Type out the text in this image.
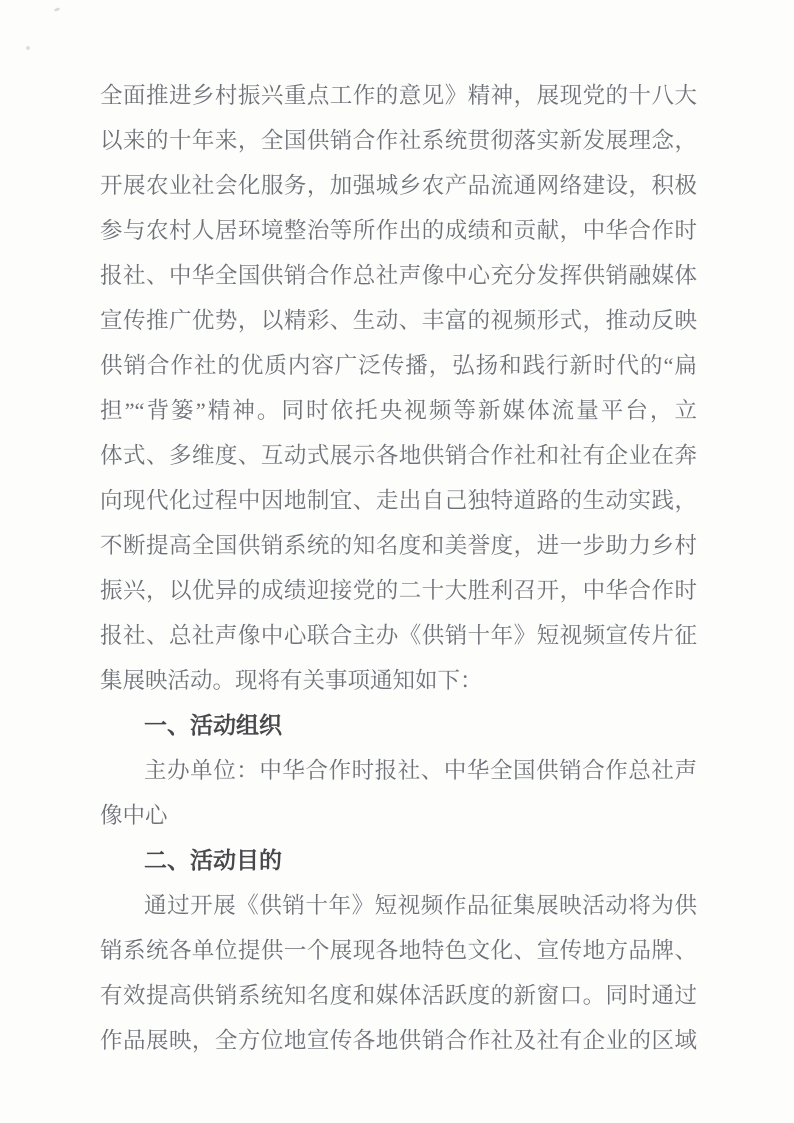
全面推进乡村振兴重点工作的意见》精神，展现党的十八大
以来的十年来，全国供销合作社系统贯彻落实新发展理念，
开展农业社会化服务，加强城乡农产品流通网络建设，积极
参与农村人居环境整治等所作出的成绩和贡献，中华合作时
报社、中华全国供销合作总社声像中心充分发挥供销融媒体
宣传推广优势，以精彩、生动、丰富的视频形式，推动反映
供销合作社的优质内容广泛传播，弘扬和践行新时代的“扁
担”“背篓”精神。同时依托央视频等新媒体流量平台，立
体式、多维度、互动式展示各地供销合作社和社有企业在奔
向现代化过程中因地制宜、走出自己独特道路的生动实践，
不断提高全国供销系统的知名度和美誉度，进一步助力乡村
振兴，以优异的成绩迎接党的二十大胜利召开，中华合作时
报社、总社声像中心联合主办《供销十年》短视频宣传片征
集展映活动。现将有关事项通知如下：
一、活动组织
主办单位：中华合作时报社、中华全国供销合作总社声
像中心
二、活动目的
通过开展《供销十年》短视频作品征集展映活动将为供
销系统各单位提供一个展现各地特色文化、宣传地方品牌、
有效提高供销系统知名度和媒体活跃度的新窗口。同时通过
作品展映，全方位地宣传各地供销合作社及社有企业的区域
